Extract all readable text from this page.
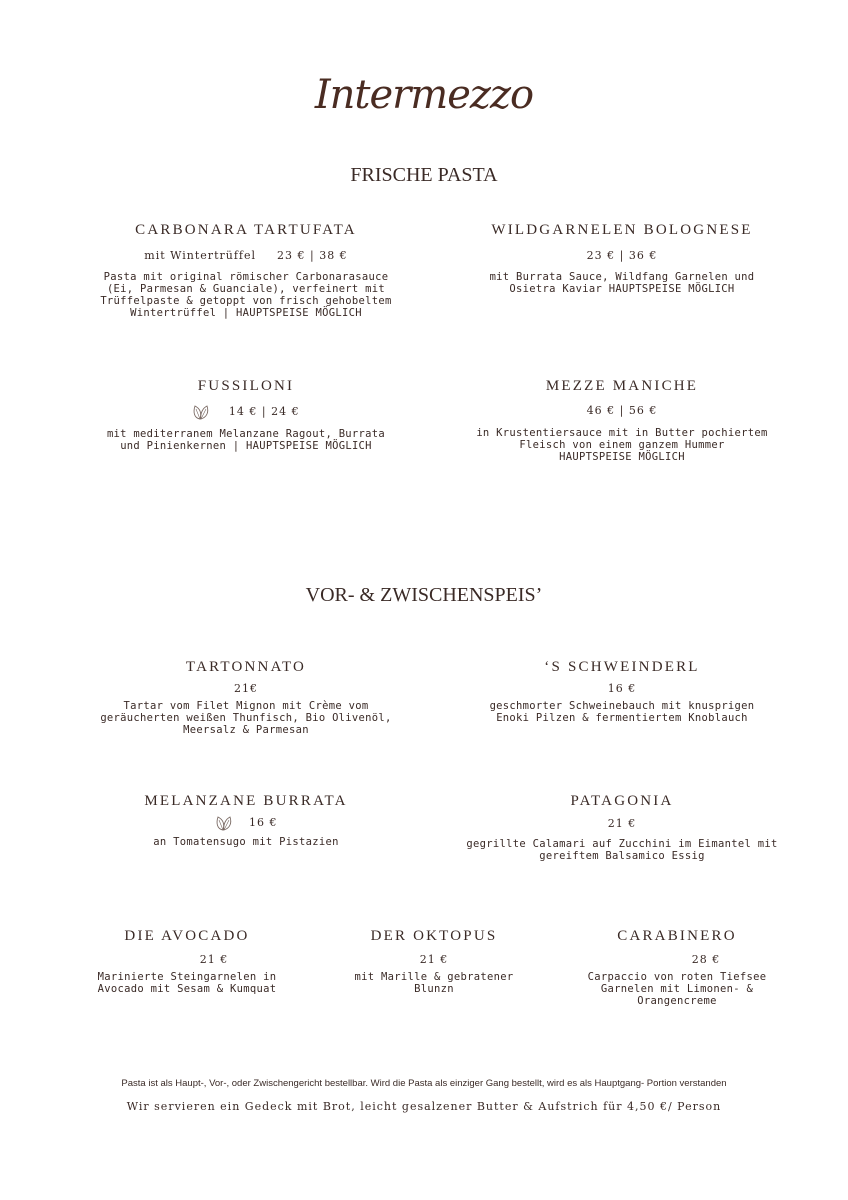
Intermezzo
FRISCHE PASTA
CARBONARA TARTUFATA
mit Wintertrüffel 23 € | 38 €
Pasta mit original römischer Carbonarasauce
(Ei, Parmesan & Guanciale), verfeinert mit
Trüffelpaste & getoppt von frisch gehobeltem
Wintertrüffel | HAUPTSPEISE MÖGLICH
WILDGARNELEN BOLOGNESE
23 € | 36 €
mit Burrata Sauce, Wildfang Garnelen und
Osietra Kaviar HAUPTSPEISE MÖGLICH
FUSSILONI
14 € | 24 €
mit mediterranem Melanzane Ragout, Burrata
und Pinienkernen | HAUPTSPEISE MÖGLICH
MEZZE MANICHE
46 € | 56 €
in Krustentiersauce mit in Butter pochiertem
Fleisch von einem ganzem Hummer
HAUPTSPEISE MÖGLICH
VOR- & ZWISCHENSPEIS’
TARTONNATO
21€
Tartar vom Filet Mignon mit Crème vom
geräucherten weißen Thunfisch, Bio Olivenöl,
Meersalz & Parmesan
‘S SCHWEINDERL
16 €
geschmorter Schweinebauch mit knusprigen
Enoki Pilzen & fermentiertem Knoblauch
MELANZANE BURRATA
16 €
an Tomatensugo mit Pistazien
PATAGONIA
21 €
gegrillte Calamari auf Zucchini im Eimantel mit
gereiftem Balsamico Essig
DIE AVOCADO
21 €
Marinierte Steingarnelen in
Avocado mit Sesam & Kumquat
DER OKTOPUS
21 €
mit Marille & gebratener
Blunzn
CARABINERO
28 €
Carpaccio von roten Tiefsee
Garnelen mit Limonen- &
Orangencreme
Pasta ist als Haupt-, Vor-, oder Zwischengericht bestellbar. Wird die Pasta als einziger Gang bestellt, wird es als Hauptgang- Portion verstanden
Wir servieren ein Gedeck mit Brot, leicht gesalzener Butter & Aufstrich für 4,50 €/ Person
